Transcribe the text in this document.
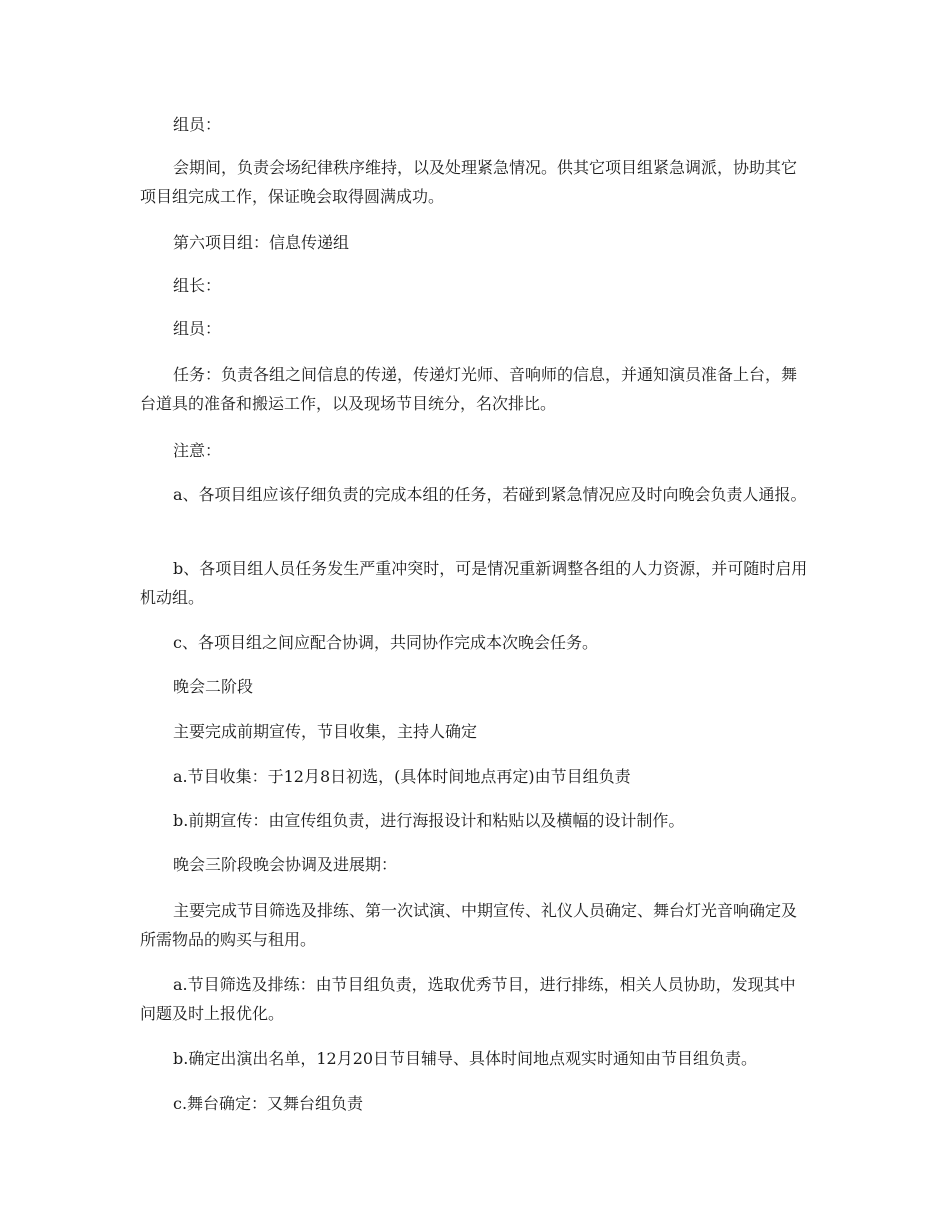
组员：

会期间，负责会场纪律秩序维持，以及处理紧急情况。供其它项目组紧急调派，协助其它项目组完成工作，保证晚会取得圆满成功。

第六项目组：信息传递组

组长：

组员：

任务：负责各组之间信息的传递，传递灯光师、音响师的信息，并通知演员准备上台，舞台道具的准备和搬运工作，以及现场节目统分，名次排比。

注意：

a、各项目组应该仔细负责的完成本组的任务，若碰到紧急情况应及时向晚会负责人通报。

b、各项目组人员任务发生严重冲突时，可是情况重新调整各组的人力资源，并可随时启用机动组。

c、各项目组之间应配合协调，共同协作完成本次晚会任务。

晚会二阶段

主要完成前期宣传，节目收集，主持人确定

a.节目收集：于12月8日初选，(具体时间地点再定)由节目组负责

b.前期宣传：由宣传组负责，进行海报设计和粘贴以及横幅的设计制作。

晚会三阶段晚会协调及进展期：

主要完成节目筛选及排练、第一次试演、中期宣传、礼仪人员确定、舞台灯光音响确定及所需物品的购买与租用。

a.节目筛选及排练：由节目组负责，选取优秀节目，进行排练，相关人员协助，发现其中问题及时上报优化。

b.确定出演出名单，12月20日节目辅导、具体时间地点观实时通知由节目组负责。

c.舞台确定：又舞台组负责
